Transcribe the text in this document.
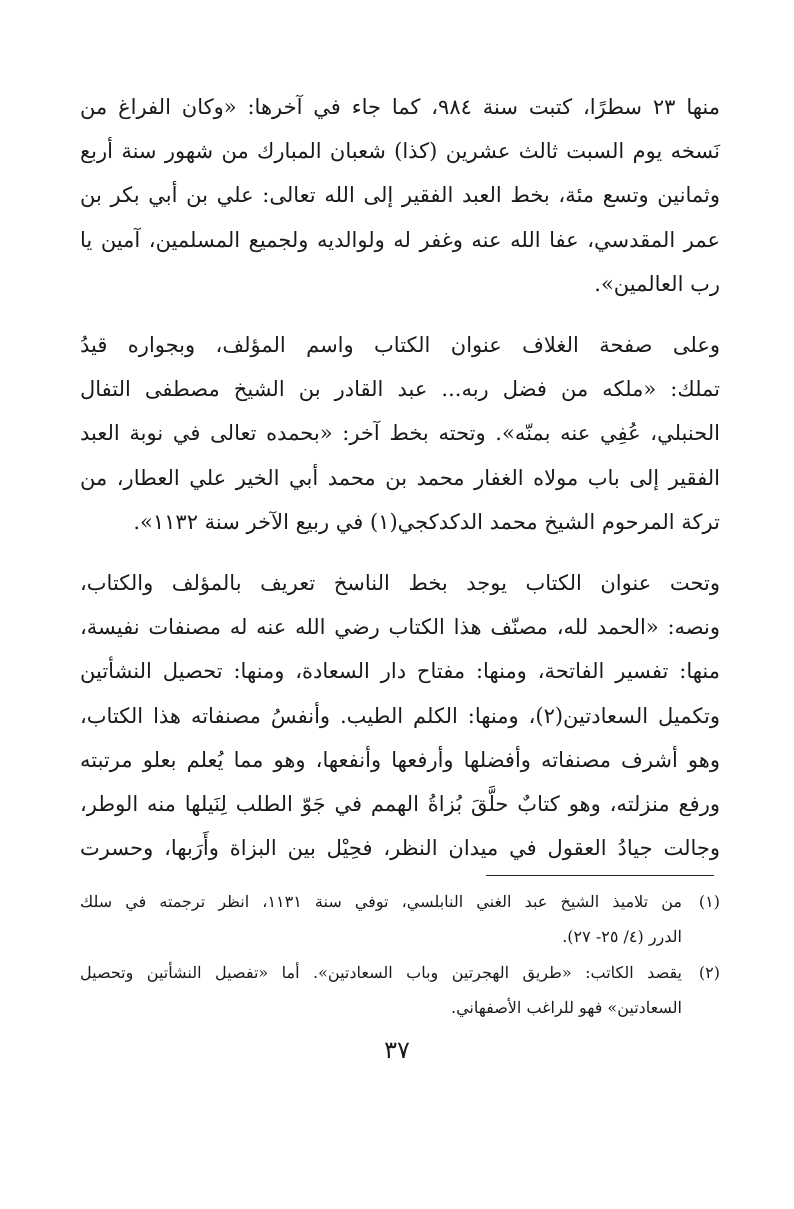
منها ٢٣ سطرًا، كتبت سنة ٩٨٤، كما جاء في آخرها: «وكان الفراغ من
نَسخه يوم السبت ثالث عشرين (كذا) شعبان المبارك من شهور سنة أربع
وثمانين وتسع مئة، بخط العبد الفقير إلى الله تعالى: علي بن أبي بكر بن
عمر المقدسي، عفا الله عنه وغفر له ولوالديه ولجميع المسلمين، آمين يا
رب العالمين».

وعلى صفحة الغلاف عنوان الكتاب واسم المؤلف، وبجواره قيدُ
تملك: «ملكه من فضل ربه... عبد القادر بن الشيخ مصطفى التفال
الحنبلي، عُفِي عنه بمنّه». وتحته بخط آخر: «بحمده تعالى في نوبة العبد
الفقير إلى باب مولاه الغفار محمد بن محمد أبي الخير علي العطار، من
تركة المرحوم الشيخ محمد الدكدكجي(١) في ربيع الآخر سنة ١١٣٢».

وتحت عنوان الكتاب يوجد بخط الناسخ تعريف بالمؤلف والكتاب،
ونصه: «الحمد لله، مصنّف هذا الكتاب رضي الله عنه له مصنفات نفيسة،
منها: تفسير الفاتحة، ومنها: مفتاح دار السعادة، ومنها: تحصيل النشأتين
وتكميل السعادتين(٢)، ومنها: الكلم الطيب. وأنفسُ مصنفاته هذا الكتاب،
وهو أشرف مصنفاته وأفضلها وأرفعها وأنفعها، وهو مما يُعلم بعلو مرتبته
ورفع منزلته، وهو كتابٌ حلَّقَ بُزاةُ الهمم في جَوّ الطلب لِنَيلها منه الوطر،
وجالت جيادُ العقول في ميدان النظر، فحِيْل بين البزاة وأَرَبها، وحسرت

(١)
من تلاميذ الشيخ عبد الغني النابلسي، توفي سنة ١١٣١، انظر ترجمته في سلك
الدرر (٤/ ٢٥- ٢٧).
(٢)
يقصد الكاتب: «طريق الهجرتين وباب السعادتين». أما «تفصيل النشأتين وتحصيل
السعادتين» فهو للراغب الأصفهاني.
٣٧
